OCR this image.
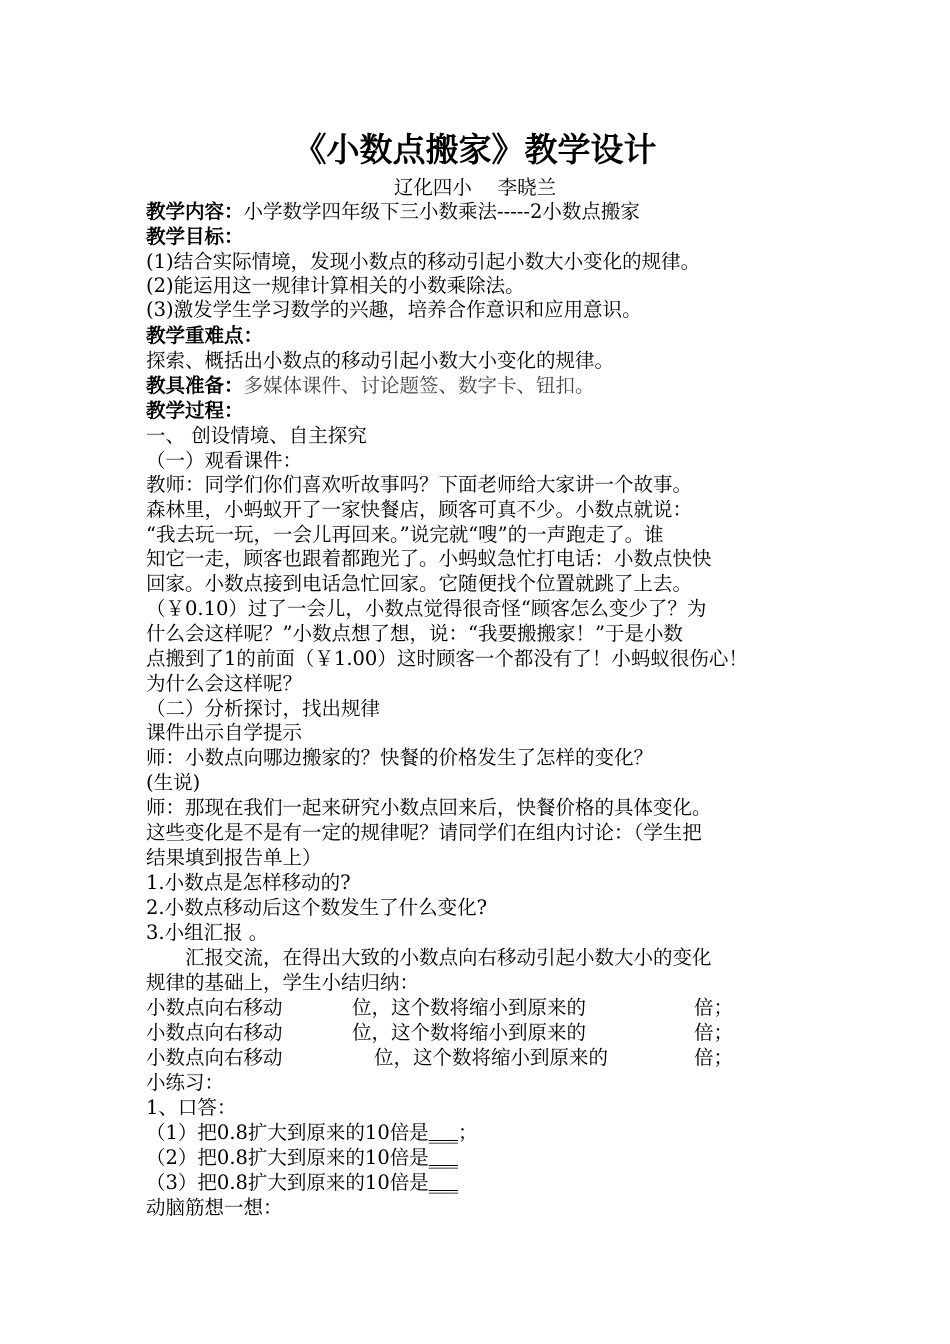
《小数点搬家》教学设计
辽化四小　 李晓兰
教学内容：小学数学四年级下三小数乘法-----2小数点搬家
教学目标：
(1)结合实际情境，发现小数点的移动引起小数大小变化的规律。
(2)能运用这一规律计算相关的小数乘除法。
(3)激发学生学习数学的兴趣，培养合作意识和应用意识。
教学重难点：
探索、概括出小数点的移动引起小数大小变化的规律。
教具准备：多媒体课件、讨论题签、数字卡、钮扣。
教学过程：
一、 创设情境、自主探究
（一）观看课件：
教师：同学们你们喜欢听故事吗？下面老师给大家讲一个故事。
森林里，小蚂蚁开了一家快餐店，顾客可真不少。小数点就说：
“我去玩一玩，一会儿再回来。”说完就“嗖”的一声跑走了。谁
知它一走，顾客也跟着都跑光了。小蚂蚁急忙打电话：小数点快快
回家。小数点接到电话急忙回家。它随便找个位置就跳了上去。
（￥0.10）过了一会儿，小数点觉得很奇怪“顾客怎么变少了？为
什么会这样呢？”小数点想了想，说：“我要搬搬家！”于是小数
点搬到了1的前面（￥1.00）这时顾客一个都没有了！小蚂蚁很伤心！
为什么会这样呢？
（二）分析探讨，找出规律
课件出示自学提示
师：小数点向哪边搬家的？快餐的价格发生了怎样的变化？
(生说)
师：那现在我们一起来研究小数点回来后，快餐价格的具体变化。
这些变化是不是有一定的规律呢？请同学们在组内讨论：（学生把
结果填到报告单上）
1.小数点是怎样移动的?
2.小数点移动后这个数发生了什么变化?
3.小组汇报 。
　　汇报交流，在得出大致的小数点向右移动引起小数大小的变化
规律的基础上，学生小结归纳：
小数点向右移动	位，这个数将缩小到原来的	倍；
小数点向右移动	位，这个数将缩小到原来的	倍；
小数点向右移动	位，这个数将缩小到原来的	倍；
小练习：
1、口答：
（1）把0.8扩大到原来的10倍是___；
（2）把0.8扩大到原来的10倍是___
（3）把0.8扩大到原来的10倍是___
动脑筋想一想：
